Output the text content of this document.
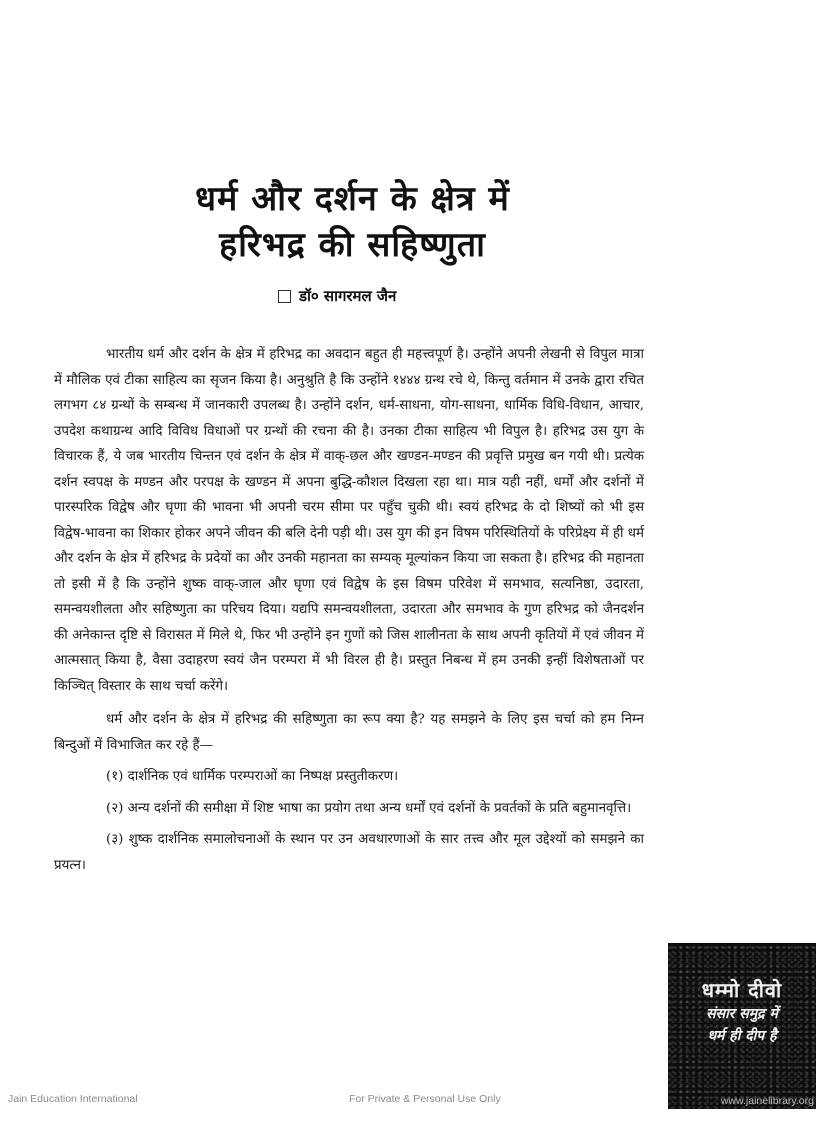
धर्म और दर्शन के क्षेत्र में
हरिभद्र की सहिष्णुता
डॉ० सागरमल जैन

भारतीय धर्म और दर्शन के क्षेत्र में हरिभद्र का अवदान बहुत ही महत्त्वपूर्ण है। उन्होंने अपनी लेखनी से विपुल मात्रा में मौलिक एवं टीका साहित्य का सृजन किया है। अनुश्रुति है कि उन्होंने १४४४ ग्रन्थ रचे थे, किन्तु वर्तमान में उनके द्वारा रचित लगभग ८४ ग्रन्थों के सम्बन्ध में जानकारी उपलब्ध है। उन्होंने दर्शन, धर्म-साधना, योग-साधना, धार्मिक विधि-विधान, आचार, उपदेश कथाग्रन्थ आदि विविध विधाओं पर ग्रन्थों की रचना की है। उनका टीका साहित्य भी विपुल है। हरिभद्र उस युग के विचारक हैं, ये जब भारतीय चिन्तन एवं दर्शन के क्षेत्र में वाक्-छल और खण्डन-मण्डन की प्रवृत्ति प्रमुख बन गयी थी। प्रत्येक दर्शन स्वपक्ष के मण्डन और परपक्ष के खण्डन में अपना बुद्धि-कौशल दिखला रहा था। मात्र यही नहीं, धर्मों और दर्शनों में पारस्परिक विद्वेष और घृणा की भावना भी अपनी चरम सीमा पर पहुँच चुकी थी। स्वयं हरिभद्र के दो शिष्यों को भी इस विद्वेष-भावना का शिकार होकर अपने जीवन की बलि देनी पड़ी थी। उस युग की इन विषम परिस्थितियों के परिप्रेक्ष्य में ही धर्म और दर्शन के क्षेत्र में हरिभद्र के प्रदेयों का और उनकी महानता का सम्यक् मूल्यांकन किया जा सकता है। हरिभद्र की महानता तो इसी में है कि उन्होंने शुष्क वाक्-जाल और घृणा एवं विद्वेष के इस विषम परिवेश में समभाव, सत्यनिष्ठा, उदारता, समन्वयशीलता और सहिष्णुता का परिचय दिया। यद्यपि समन्वयशीलता, उदारता और समभाव के गुण हरिभद्र को जैनदर्शन की अनेकान्त दृष्टि से विरासत में मिले थे, फिर भी उन्होंने इन गुणों को जिस शालीनता के साथ अपनी कृतियों में एवं जीवन में आत्मसात् किया है, वैसा उदाहरण स्वयं जैन परम्परा में भी विरल ही है। प्रस्तुत निबन्ध में हम उनकी इन्हीं विशेषताओं पर किञ्चित् विस्तार के साथ चर्चा करेंगे।

धर्म और दर्शन के क्षेत्र में हरिभद्र की सहिष्णुता का रूप क्या है? यह समझने के लिए इस चर्चा को हम निम्न बिन्दुओं में विभाजित कर रहे हैं—

(१) दार्शनिक एवं धार्मिक परम्पराओं का निष्पक्ष प्रस्तुतीकरण।

(२) अन्य दर्शनों की समीक्षा में शिष्ट भाषा का प्रयोग तथा अन्य धर्मों एवं दर्शनों के प्रवर्तकों के प्रति बहुमानवृत्ति।

(३) शुष्क दार्शनिक समालोचनाओं के स्थान पर उन अवधारणाओं के सार तत्त्व और मूल उद्देश्यों को समझने का प्रयत्न।

धम्मो दीवो
संसार समुद्र में
धर्म ही दीप है
www.jainelibrary.org
Jain Education International	For Private & Personal Use Only
